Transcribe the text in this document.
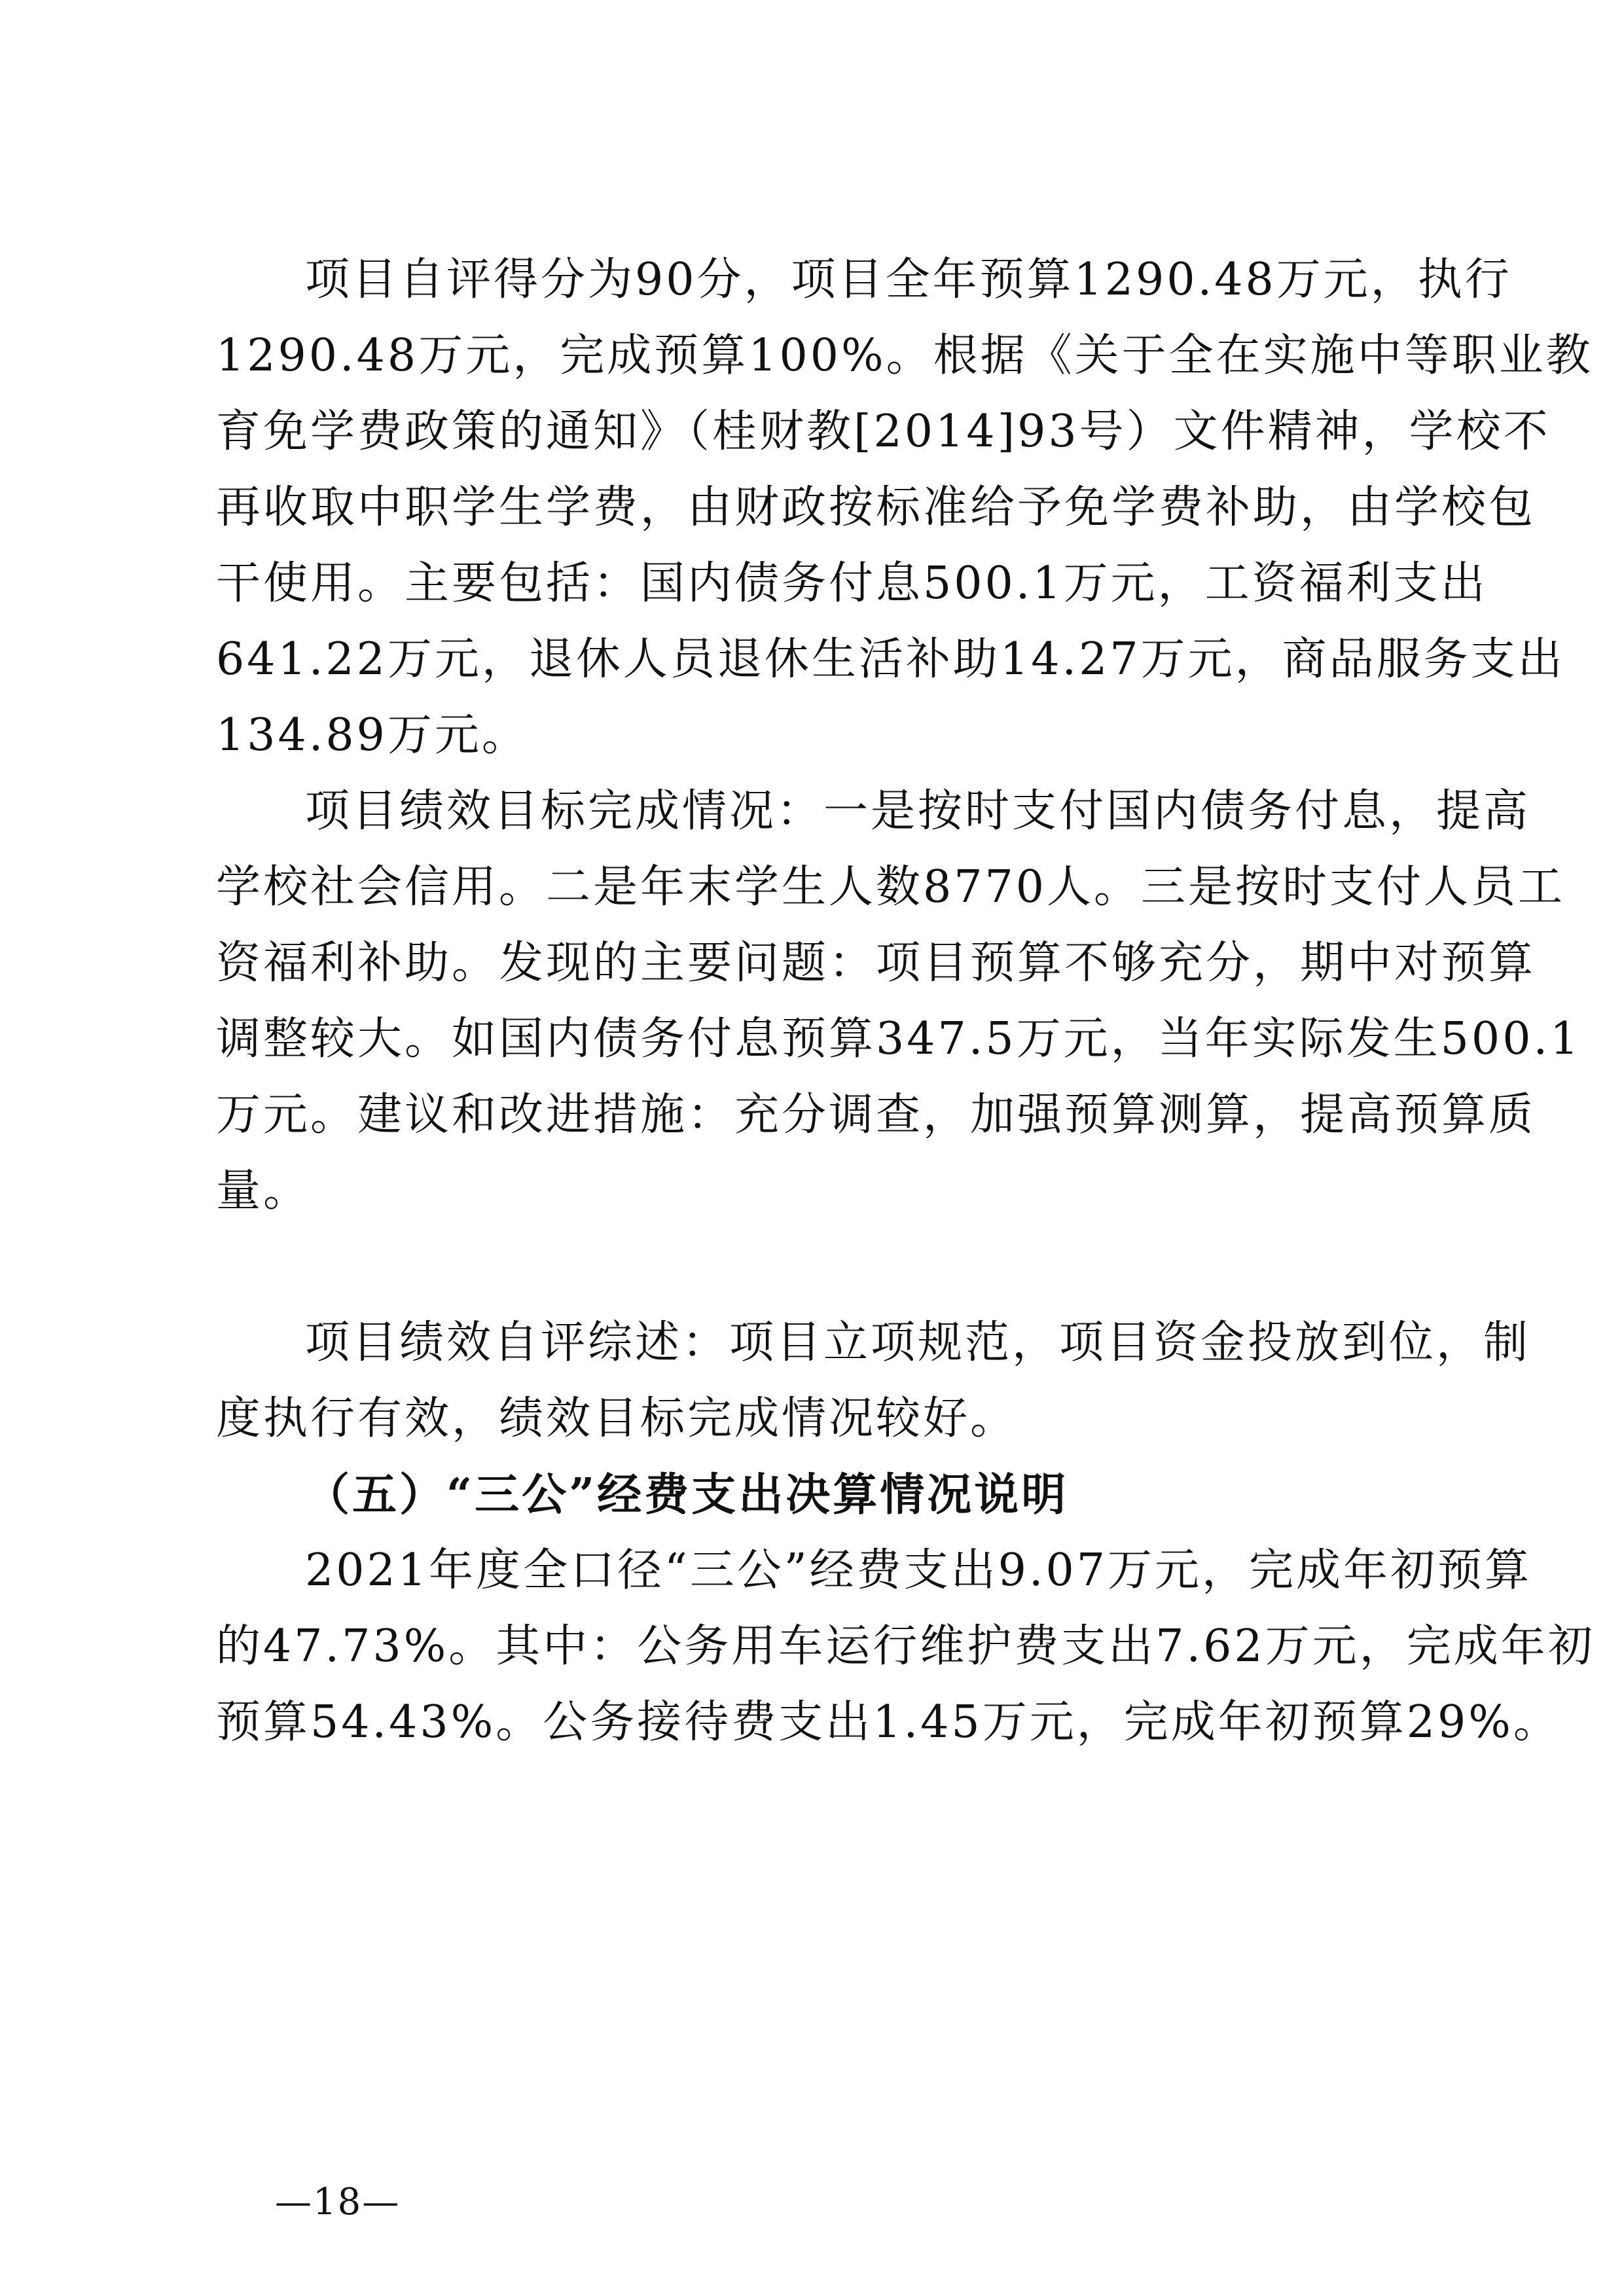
项目自评得分为90分，项目全年预算1290.48万元，执行
1290.48万元，完成预算100%。根据《关于全在实施中等职业教
育免学费政策的通知》（桂财教[2014]93号）文件精神，学校不
再收取中职学生学费，由财政按标准给予免学费补助，由学校包
干使用。主要包括：国内债务付息500.1万元，工资福利支出
641.22万元，退休人员退休生活补助14.27万元，商品服务支出
134.89万元。
项目绩效目标完成情况：一是按时支付国内债务付息，提高
学校社会信用。二是年末学生人数8770人。三是按时支付人员工
资福利补助。发现的主要问题：项目预算不够充分，期中对预算
调整较大。如国内债务付息预算347.5万元，当年实际发生500.1
万元。建议和改进措施：充分调查，加强预算测算，提高预算质
量。
项目绩效自评综述：项目立项规范，项目资金投放到位，制
度执行有效，绩效目标完成情况较好。
（五）“三公”经费支出决算情况说明
2021年度全口径“三公”经费支出9.07万元，完成年初预算
的47.73%。其中：公务用车运行维护费支出7.62万元，完成年初
预算54.43%。公务接待费支出1.45万元，完成年初预算29%。
—18—
